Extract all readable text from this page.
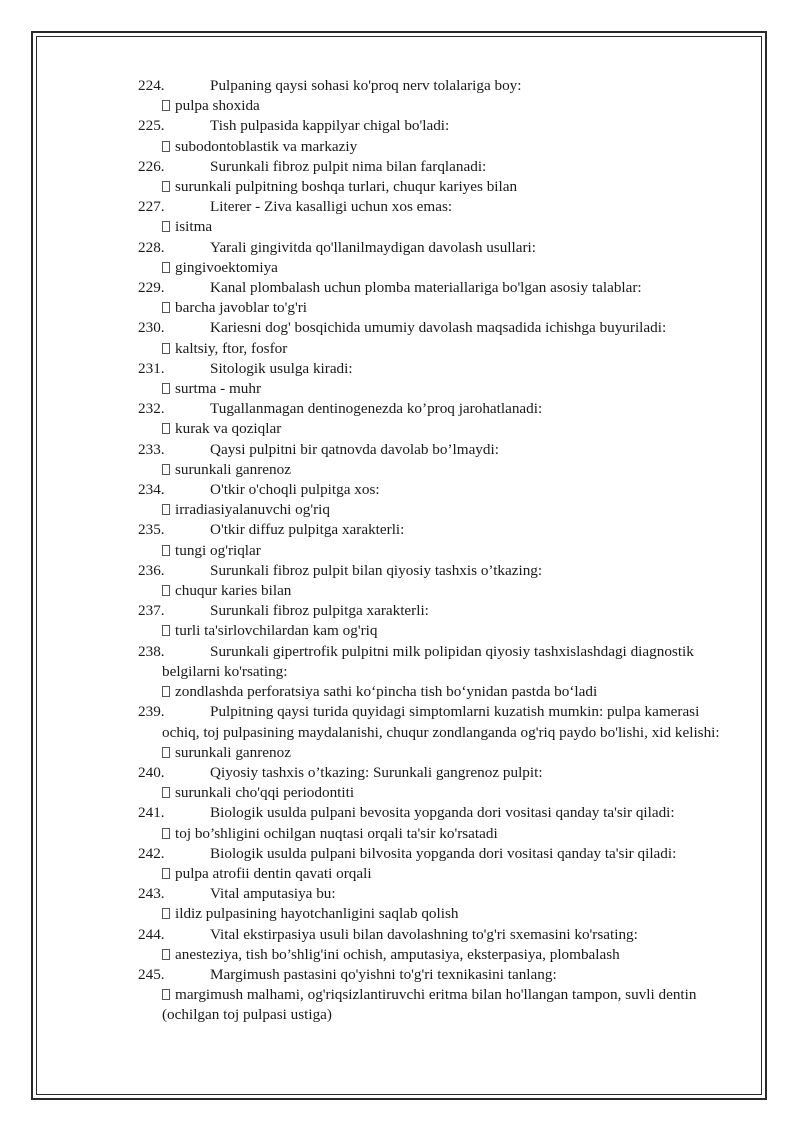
224.	Pulpaning qaysi sohasi ko'proq nerv tolalariga boy:
pulpa shoxida
225.	Tish pulpasida kappilyar chigal bo'ladi:
subodontoblastik va markaziy
226.	Surunkali fibroz pulpit nima bilan farqlanadi:
surunkali pulpitning boshqa turlari, chuqur kariyes bilan
227.	Literer - Ziva kasalligi uchun xos emas:
isitma
228.	Yarali gingivitda qo'llanilmaydigan davolash usullari:
gingivoektomiya
229.	Kanal plombalash uchun plomba materiallariga bo'lgan asosiy talablar:
barcha javoblar to'g'ri
230.	Kariesni dog' bosqichida umumiy davolash maqsadida ichishga buyuriladi:
kaltsiy, ftor, fosfor
231.	Sitologik usulga kiradi:
surtma - muhr
232.	Tugallanmagan dentinogenezda ko’proq jarohatlanadi:
kurak va qoziqlar
233.	Qaysi pulpitni bir qatnovda davolab bo’lmaydi:
surunkali ganrenoz
234.	O'tkir o'choqli pulpitga xos:
irradiasiyalanuvchi og'riq
235.	O'tkir diffuz pulpitga xarakterli:
tungi og'riqlar
236.	Surunkali fibroz pulpit bilan qiyosiy tashxis o’tkazing:
chuqur karies bilan
237.	Surunkali fibroz pulpitga xarakterli:
turli ta'sirlovchilardan kam og'riq
238.	Surunkali gipertrofik pulpitni milk polipidan qiyosiy tashxislashdagi diagnostik belgilarni ko'rsating:
zondlashda perforatsiya sathi ko‘pincha tish bo‘ynidan pastda bo‘ladi
239.	Pulpitning qaysi turida quyidagi simptomlarni kuzatish mumkin: pulpa kamerasi ochiq, toj pulpasining maydalanishi, chuqur zondlanganda og'riq paydo bo'lishi, xid kelishi:
surunkali ganrenoz
240.	Qiyosiy tashxis o’tkazing: Surunkali gangrenoz pulpit:
surunkali cho'qqi periodontiti
241.	Biologik usulda pulpani bevosita yopganda dori vositasi qanday ta'sir qiladi:
toj bo’shligini ochilgan nuqtasi orqali ta'sir ko'rsatadi
242.	Biologik usulda pulpani bilvosita yopganda dori vositasi qanday ta'sir qiladi:
pulpa atrofii dentin qavati orqali
243.	Vital amputasiya bu:
ildiz pulpasining hayotchanligini saqlab qolish
244.	Vital ekstirpasiya usuli bilan davolashning to'g'ri sxemasini ko'rsating:
anesteziya, tish bo’shlig'ini ochish, amputasiya, eksterpasiya, plombalash
245.	Margimush pastasini qo'yishni to'g'ri texnikasini tanlang:
margimush malhami, og'riqsizlantiruvchi eritma bilan ho'llangan tampon, suvli dentin (ochilgan toj pulpasi ustiga)
